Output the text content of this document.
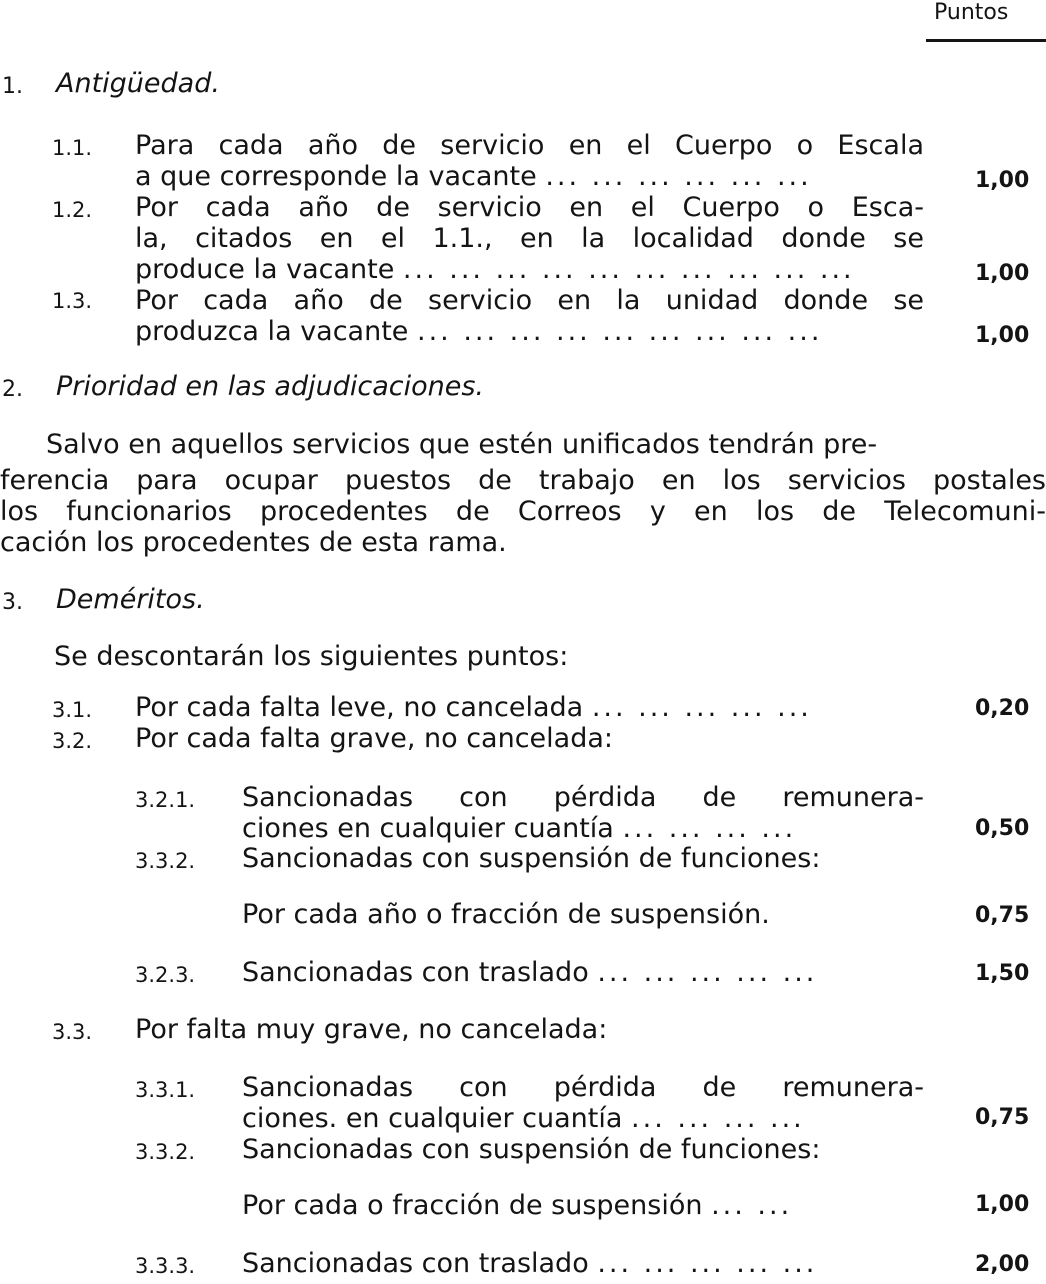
Puntos
1. Antigüedad.
1.1. Para cada año de servicio en el Cuerpo o Escala
a que corresponde la vacante ... ... ... ... ... ...	1,00
1.2. Por cada año de servicio en el Cuerpo o Esca-
la, citados en el 1.1., en la localidad donde se
produce la vacante ... ... ... ... ... ... ... ... ... ...	1,00
1.3. Por cada año de servicio en la unidad donde se
produzca la vacante ... ... ... ... ... ... ... ... ...	1,00
2. Prioridad en las adjudicaciones.
Salvo en aquellos servicios que estén unificados tendrán pre-
ferencia para ocupar puestos de trabajo en los servicios postales
los funcionarios procedentes de Correos y en los de Telecomuni-
cación los procedentes de esta rama.
3. Deméritos.
Se descontarán los siguientes puntos:
3.1. Por cada falta leve, no cancelada ... ... ... ... ...	0,20
3.2. Por cada falta grave, no cancelada:
3.2.1. Sancionadas con pérdida de remunera-
ciones en cualquier cuantía ... ... ... ...	0,50
3.3.2. Sancionadas con suspensión de funciones:
Por cada año o fracción de suspensión.	0,75
3.2.3. Sancionadas con traslado ... ... ... ... ...	1,50
3.3. Por falta muy grave, no cancelada:
3.3.1. Sancionadas con pérdida de remunera-
ciones. en cualquier cuantía ... ... ... ...	0,75
3.3.2. Sancionadas con suspensión de funciones:
Por cada o fracción de suspensión ... ...	1,00
3.3.3. Sancionadas con traslado ... ... ... ... ...	2,00
